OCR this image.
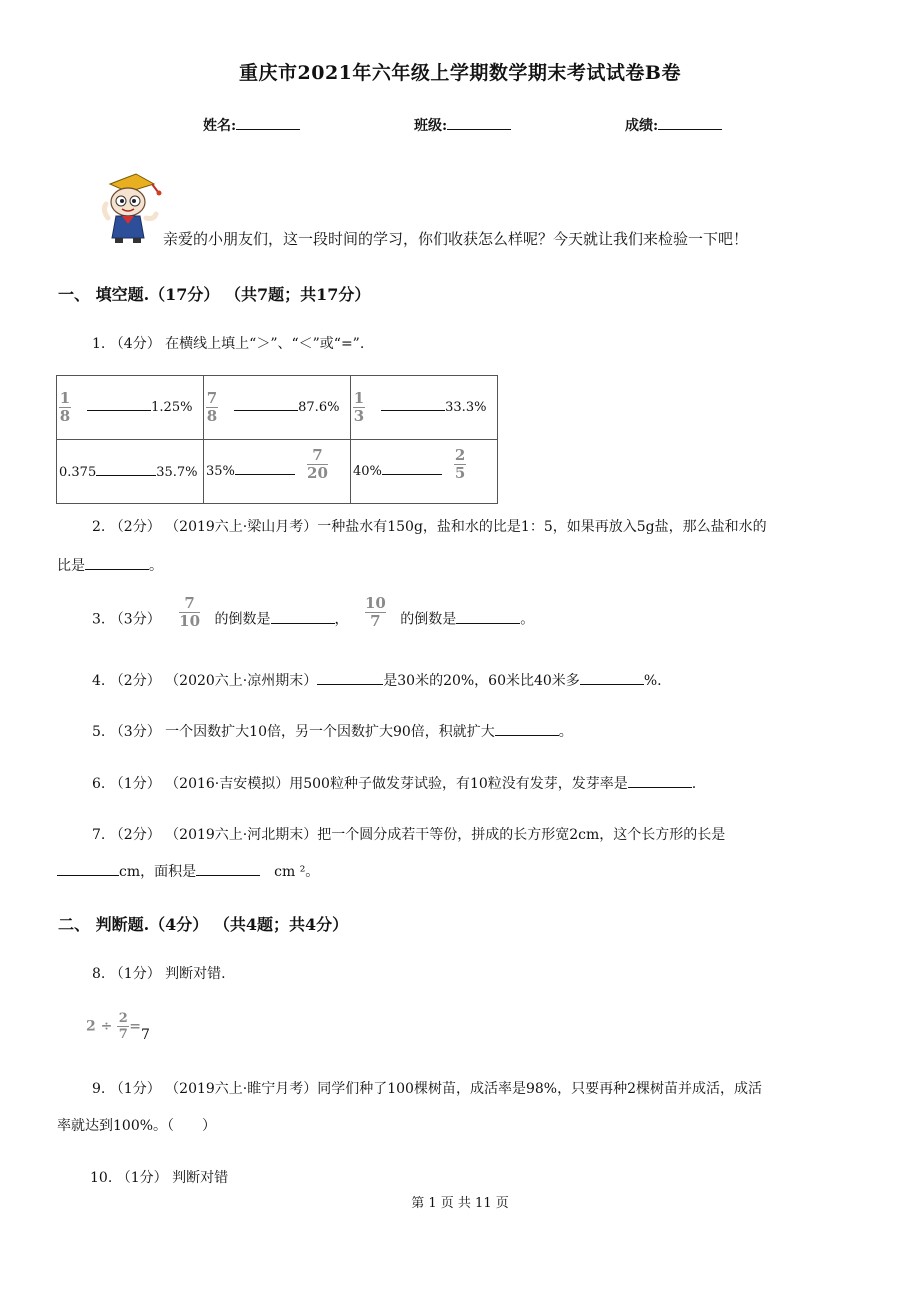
重庆市2021年六年级上学期数学期末考试试卷B卷
姓名:	班级:	成绩:
亲爱的小朋友们，这一段时间的学习，你们收获怎么样呢？今天就让我们来检验一下吧！
一、 填空题.（17分） （共7题；共17分）
1. （4分） 在横线上填上“＞”、“＜”或“=”.
$\frac{1}{8} 1.25\%$	$\frac{7}{8} 87.6\%$	$\frac{1}{3} 33.3\%$
0.375 35.7%	$35\% \frac{7}{20}$	$40\% \frac{2}{5}$
2. （2分） （2019六上·梁山月考）一种盐水有150g，盐和水的比是1：5，如果再放入5g盐，那么盐和水的
比是	。
3. （3分） $\frac{7}{10}$ 的倒数是	， $\frac{10}{7}$ 的倒数是	。
4. （2分） （2020六上·凉州期末）	是30米的20%，60米比40米多	%.
5. （3分） 一个因数扩大10倍，另一个因数扩大90倍，积就扩大	。
6. （1分） （2016·吉安模拟）用500粒种子做发芽试验，有10粒没有发芽，发芽率是	.
7. （2分） （2019六上·河北期末）把一个圆分成若干等份，拼成的长方形宽2cm，这个长方形的长是
cm，面积是	cm ²。
二、 判断题.（4分） （共4题；共4分）
8. （1分） 判断对错.
$2 \div \frac{2}{7} =7$
9. （1分） （2019六上·睢宁月考）同学们种了100棵树苗，成活率是98%，只要再种2棵树苗并成活，成活
率就达到100%。（　　）
10. （1分） 判断对错
第 1 页 共 11 页
